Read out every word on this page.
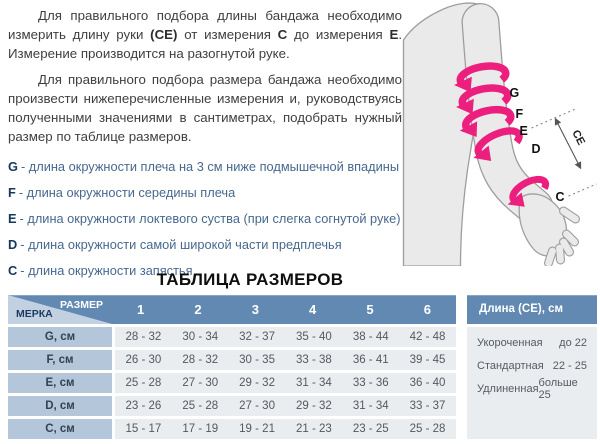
Для правильного подбора длины бандажа необходимо измерить длину руки (CE) от измерения C до измерения E. Измерение производится на разогнутой руке.

Для правильного подбора размера бандажа необходимо произвести нижеперечисленные измерения и, руководствуясь полученными значениями в сантиметрах, подобрать нужный размер по таблице размеров.

G - длина окружности плеча на 3 см ниже подмышечной впадины
F - длина окружности середины плеча
E - длина окружности локтевого суства (при слегка согнутой руке)
D - длина окружности самой широкой части предплечья
C - длина окружности запястья
G
F
E
D
C
CE
ТАБЛИЦА РАЗМЕРОВ
РАЗМЕР
МЕРКА	1	2	3	4	5	6
G, см	28 - 32	30 - 34	32 - 37	35 - 40	38 - 44	42 - 48
F, см	26 - 30	28 - 32	30 - 35	33 - 38	36 - 41	39 - 45
E, см	25 - 28	27 - 30	29 - 32	31 - 34	33 - 36	36 - 40
D, см	23 - 26	25 - 28	27 - 30	29 - 32	31 - 34	33 - 37
C, см	15 - 17	17 - 19	19 - 21	21 - 23	23 - 25	25 - 28
Длина (CE), см
Укороченная до 22
Стандартная 22 - 25
Удлиненная больше 25
